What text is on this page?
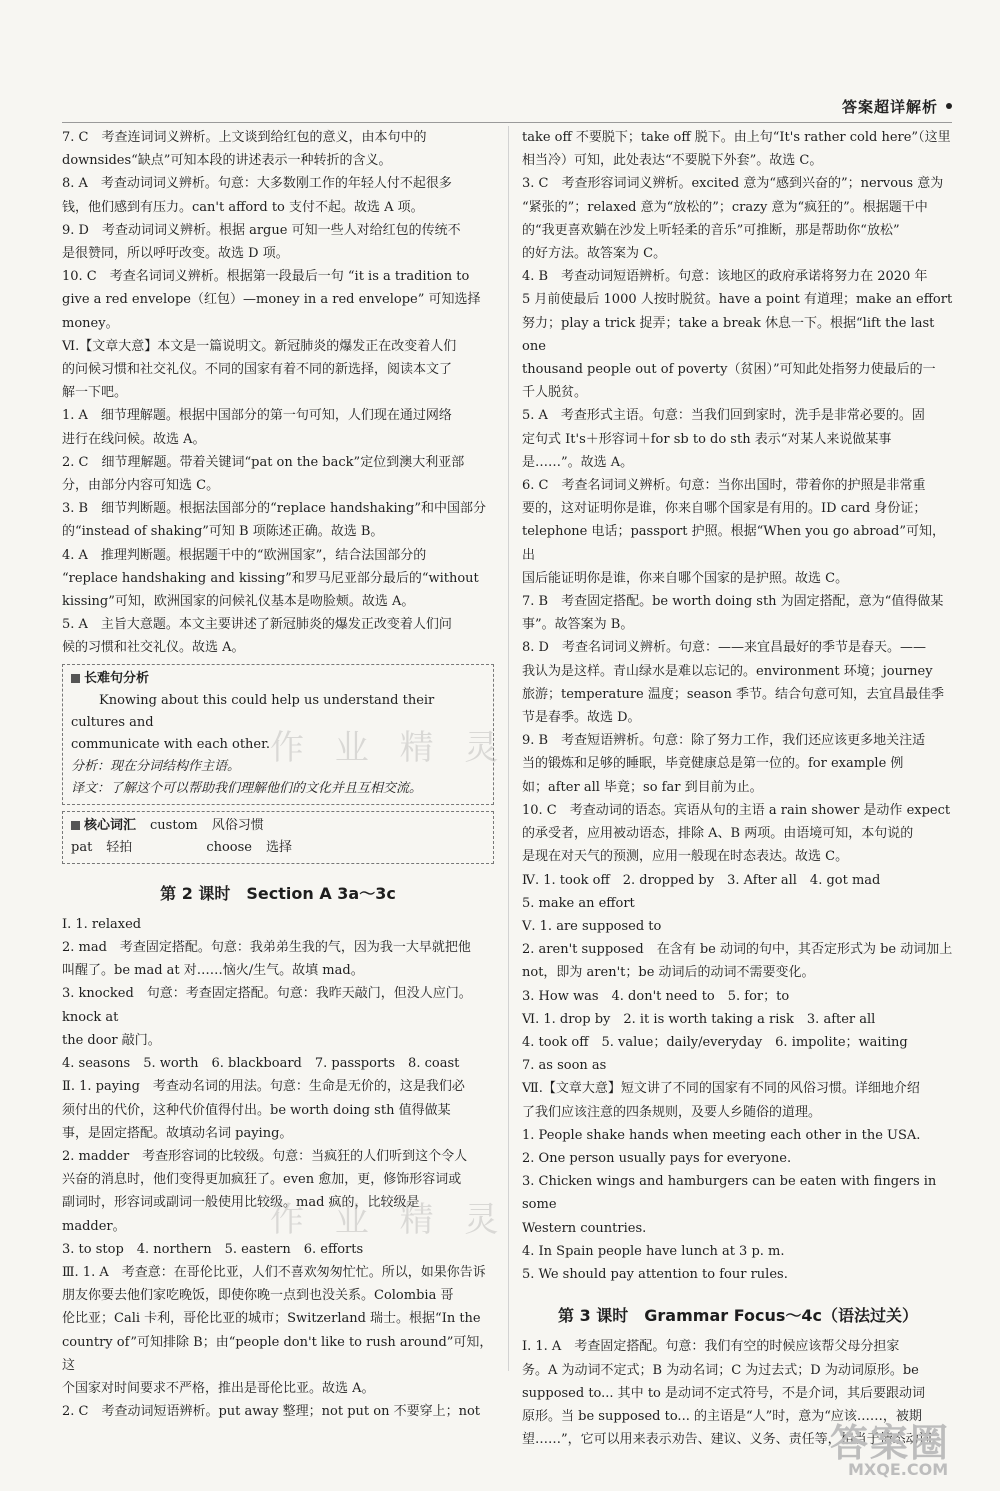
答案超详解析

7. C　考查连词词义辨析。上文谈到给红包的意义，由本句中的

downsides“缺点”可知本段的讲述表示一种转折的含义。

8. A　考查动词词义辨析。句意：大多数刚工作的年轻人付不起很多

钱，他们感到有压力。can't afford to 支付不起。故选 A 项。

9. D　考查动词词义辨析。根据 argue 可知一些人对给红包的传统不

是很赞同，所以呼吁改变。故选 D 项。

10. C　考查名词词义辨析。根据第一段最后一句 “it is a tradition to

give a red envelope（红包）—money in a red envelope” 可知选择

money。

Ⅵ.【文章大意】本文是一篇说明文。新冠肺炎的爆发正在改变着人们

的问候习惯和社交礼仪。不同的国家有着不同的新选择，阅读本文了

解一下吧。

1. A　细节理解题。根据中国部分的第一句可知，人们现在通过网络

进行在线问候。故选 A。

2. C　细节理解题。带着关键词“pat on the back”定位到澳大利亚部

分，由部分内容可知选 C。

3. B　细节判断题。根据法国部分的“replace handshaking”和中国部分

的“instead of shaking”可知 B 项陈述正确。故选 B。

4. A　推理判断题。根据题干中的“欧洲国家”，结合法国部分的

“replace handshaking and kissing”和罗马尼亚部分最后的“without

kissing”可知，欧洲国家的问候礼仪基本是吻脸颊。故选 A。

5. A　主旨大意题。本文主要讲述了新冠肺炎的爆发正改变着人们问

候的习惯和社交礼仪。故选 A。

长难句分析

Knowing about this could help us understand their cultures and

communicate with each other.

分析：现在分词结构作主语。

译文：了解这个可以帮助我们理解他们的文化并且互相交流。

核心词汇 custom 风俗习惯
pat 轻拍	choose 选择
第 2 课时　Section A 3a～3c

Ⅰ. 1. relaxed

2. mad　考查固定搭配。句意：我弟弟生我的气，因为我一大早就把他

叫醒了。be mad at 对……恼火/生气。故填 mad。

3. knocked　句意：考查固定搭配。句意：我昨天敲门，但没人应门。knock at

the door 敲门。

4. seasons　5. worth　6. blackboard　7. passports　8. coast

Ⅱ. 1. paying　考查动名词的用法。句意：生命是无价的，这是我们必

须付出的代价，这种代价值得付出。be worth doing sth 值得做某

事，是固定搭配。故填动名词 paying。

2. madder　考查形容词的比较级。句意：当疯狂的人们听到这个令人

兴奋的消息时，他们变得更加疯狂了。even 愈加，更，修饰形容词或

副词时，形容词或副词一般使用比较级。mad 疯的，比较级是

madder。

3. to stop　4. northern　5. eastern　6. efforts

Ⅲ. 1. A　考查意：在哥伦比亚，人们不喜欢匆匆忙忙。所以，如果你告诉

朋友你要去他们家吃晚饭，即使你晚一点到也没关系。Colombia 哥

伦比亚；Cali 卡利，哥伦比亚的城市；Switzerland 瑞士。根据“In the

country of”可知排除 B；由“people don't like to rush around”可知，这

个国家对时间要求不严格，推出是哥伦比亚。故选 A。

2. C　考查动词短语辨析。put away 整理；not put on 不要穿上；not

take off 不要脱下；take off 脱下。由上句“It's rather cold here”（这里

相当冷）可知，此处表达“不要脱下外套”。故选 C。

3. C　考查形容词词义辨析。excited 意为“感到兴奋的”；nervous 意为

“紧张的”；relaxed 意为“放松的”；crazy 意为“疯狂的”。根据题干中

的“我更喜欢躺在沙发上听轻柔的音乐”可推断，那是帮助你“放松”

的好方法。故答案为 C。

4. B　考查动词短语辨析。句意：该地区的政府承诺将努力在 2020 年

5 月前使最后 1000 人按时脱贫。have a point 有道理；make an effort

努力；play a trick 捉弄；take a break 休息一下。根据“lift the last one

thousand people out of poverty（贫困）”可知此处指努力使最后的一

千人脱贫。

5. A　考查形式主语。句意：当我们回到家时，洗手是非常必要的。固

定句式 It's＋形容词＋for sb to do sth 表示“对某人来说做某事

是……”。故选 A。

6. C　考查名词词义辨析。句意：当你出国时，带着你的护照是非常重

要的，这对证明你是谁，你来自哪个国家是有用的。ID card 身份证；

telephone 电话；passport 护照。根据“When you go abroad”可知，出

国后能证明你是谁，你来自哪个国家的是护照。故选 C。

7. B　考查固定搭配。be worth doing sth 为固定搭配，意为“值得做某

事”。故答案为 B。

8. D　考查名词词义辨析。句意：——来宜昌最好的季节是春天。——

我认为是这样。青山绿水是难以忘记的。environment 环境；journey

旅游；temperature 温度；season 季节。结合句意可知，去宜昌最佳季

节是春季。故选 D。

9. B　考查短语辨析。句意：除了努力工作，我们还应该更多地关注适

当的锻炼和足够的睡眠，毕竟健康总是第一位的。for example 例

如；after all 毕竟；so far 到目前为止。

10. C　考查动词的语态。宾语从句的主语 a rain shower 是动作 expect

的承受者，应用被动语态，排除 A、B 两项。由语境可知，本句说的

是现在对天气的预测，应用一般现在时态表达。故选 C。

Ⅳ. 1. took off　2. dropped by　3. After all　4. got mad

5. make an effort

Ⅴ. 1. are supposed to

2. aren't supposed　在含有 be 动词的句中，其否定形式为 be 动词加上

not，即为 aren't；be 动词后的动词不需要变化。

3. How was　4. don't need to　5. for；to

Ⅵ. 1. drop by　2. it is worth taking a risk　3. after all

4. took off　5. value；daily/everyday　6. impolite；waiting

7. as soon as

Ⅶ.【文章大意】短文讲了不同的国家有不同的风俗习惯。详细地介绍

了我们应该注意的四条规则，及要人乡随俗的道理。

1. People shake hands when meeting each other in the USA.

2. One person usually pays for everyone.

3. Chicken wings and hamburgers can be eaten with fingers in some

Western countries.

4. In Spain people have lunch at 3 p. m.

5. We should pay attention to four rules.

第 3 课时　Grammar Focus～4c（语法过关）

Ⅰ. 1. A　考查固定搭配。句意：我们有空的时候应该帮父母分担家

务。A 为动词不定式；B 为动名词；C 为过去式；D 为动词原形。be

supposed to... 其中 to 是动词不定式符号，不是介词，其后要跟动词

原形。当 be supposed to... 的主语是“人”时，意为“应该……，被期

望……”，它可以用来表示劝告、建议、义务、责任等，相当于情态动词

作 业 精 灵
作 业 精 灵
答案圈
MXQE.COM
